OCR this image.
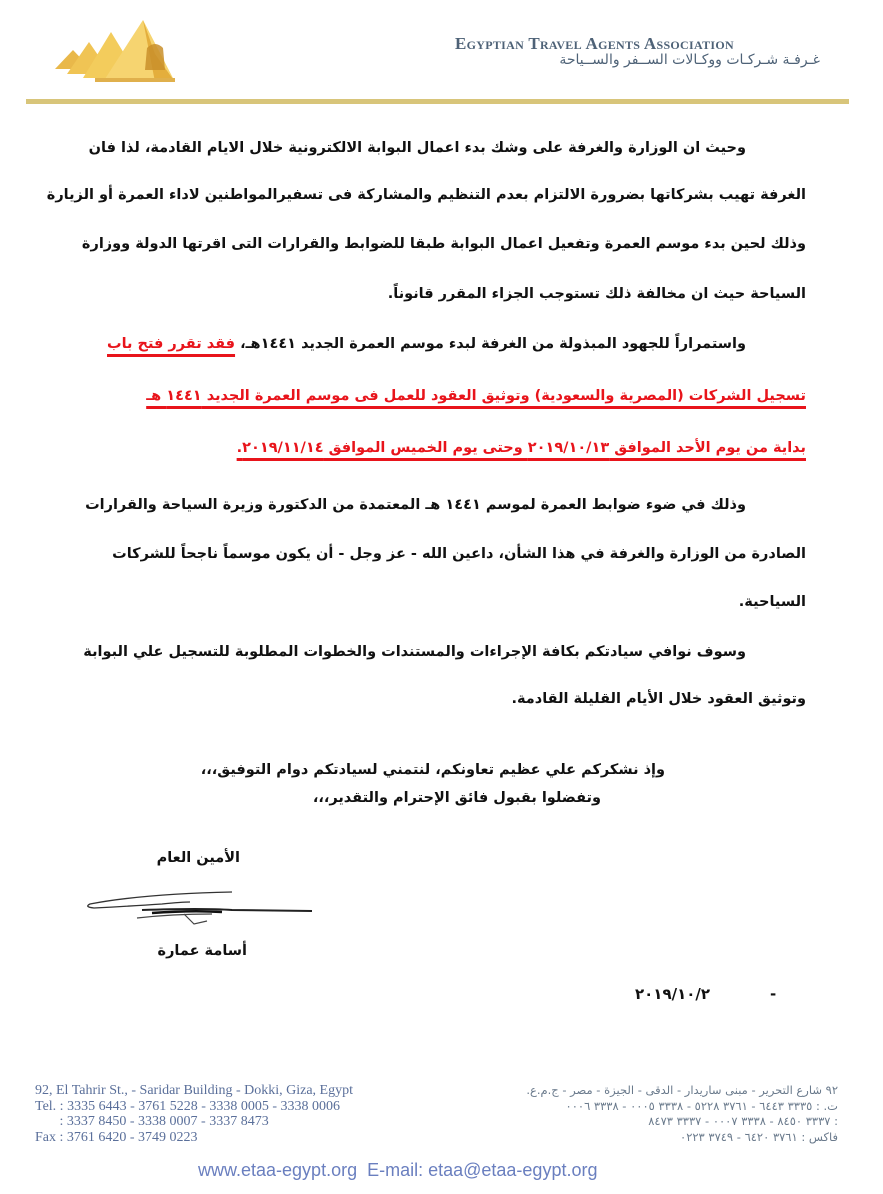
Egyptian Travel Agents Association
غـرفـة شـركـات ووكـالات الســفر والســياحة
وحيث ان الوزارة والغرفة على وشك بدء اعمال البوابة الالكترونية خلال الايام القادمة، لذا فان
الغرفة تهيب بشركاتها بضرورة الالتزام بعدم التنظيم والمشاركة فى تسفيرالمواطنين لاداء العمرة أو الزيارة
وذلك لحين بدء موسم العمرة وتفعيل اعمال البوابة طبقا للضوابط والقرارات التى اقرتها الدولة ووزارة
السياحة حيث ان مخالفة ذلك تستوجب الجزاء المقرر قانوناً.
واستمراراً للجهود المبذولة من الغرفة لبدء موسم العمرة الجديد ١٤٤١هـ، فقد تقرر فتح باب
تسجيل الشركات (المصرية والسعودية) وتوثيق العقود للعمل فى موسم العمرة الجديد ١٤٤١ هـ
بداية من يوم الأحد الموافق ٢٠١٩/١٠/١٣ وحتى يوم الخميس الموافق ٢٠١٩/١١/١٤.
وذلك في ضوء ضوابط العمرة لموسم ١٤٤١ هـ المعتمدة من الدكتورة وزيرة السياحة والقرارات
الصادرة من الوزارة والغرفة في هذا الشأن، داعين الله - عز وجل - أن يكون موسماً ناجحاً للشركات
السياحية.
وسوف نوافي سيادتكم بكافة الإجراءات والمستندات والخطوات المطلوبة للتسجيل علي البوابة
وتوثيق العقود خلال الأيام القليلة القادمة.
وإذ نشكركم علي عظيم تعاونكم، لنتمني لسيادتكم دوام التوفيق،،،
وتفضلوا بقبول فائق الإحترام والتقدير،،،
الأمين العام
أسامة عمارة
٢٠١٩/١٠/٢	-
92, El Tahrir St., - Saridar Building - Dokki, Giza, Egypt
Tel. : 3335 6443 - 3761 5228 - 3338 0005 - 3338 0006
: 3337 8450 - 3338 0007 - 3337 8473
Fax : 3761 6420 - 3749 0223
٩٢ شارع التحرير - مبنى ساريدار - الدقى - الجيزة - مصر - ج.م.ع.
ت. : ٣٣٣٥ ٦٤٤٣ - ٣٧٦١ ٥٢٢٨ - ٣٣٣٨ ٠٠٠٥ - ٣٣٣٨ ٠٠٠٦
: ٣٣٣٧ ٨٤٥٠ - ٣٣٣٨ ٠٠٠٧ - ٣٣٣٧ ٨٤٧٣
فاكس : ٣٧٦١ ٦٤٢٠ - ٣٧٤٩ ٠٢٢٣
www.etaa-egypt.org  E-mail: etaa@etaa-egypt.org
